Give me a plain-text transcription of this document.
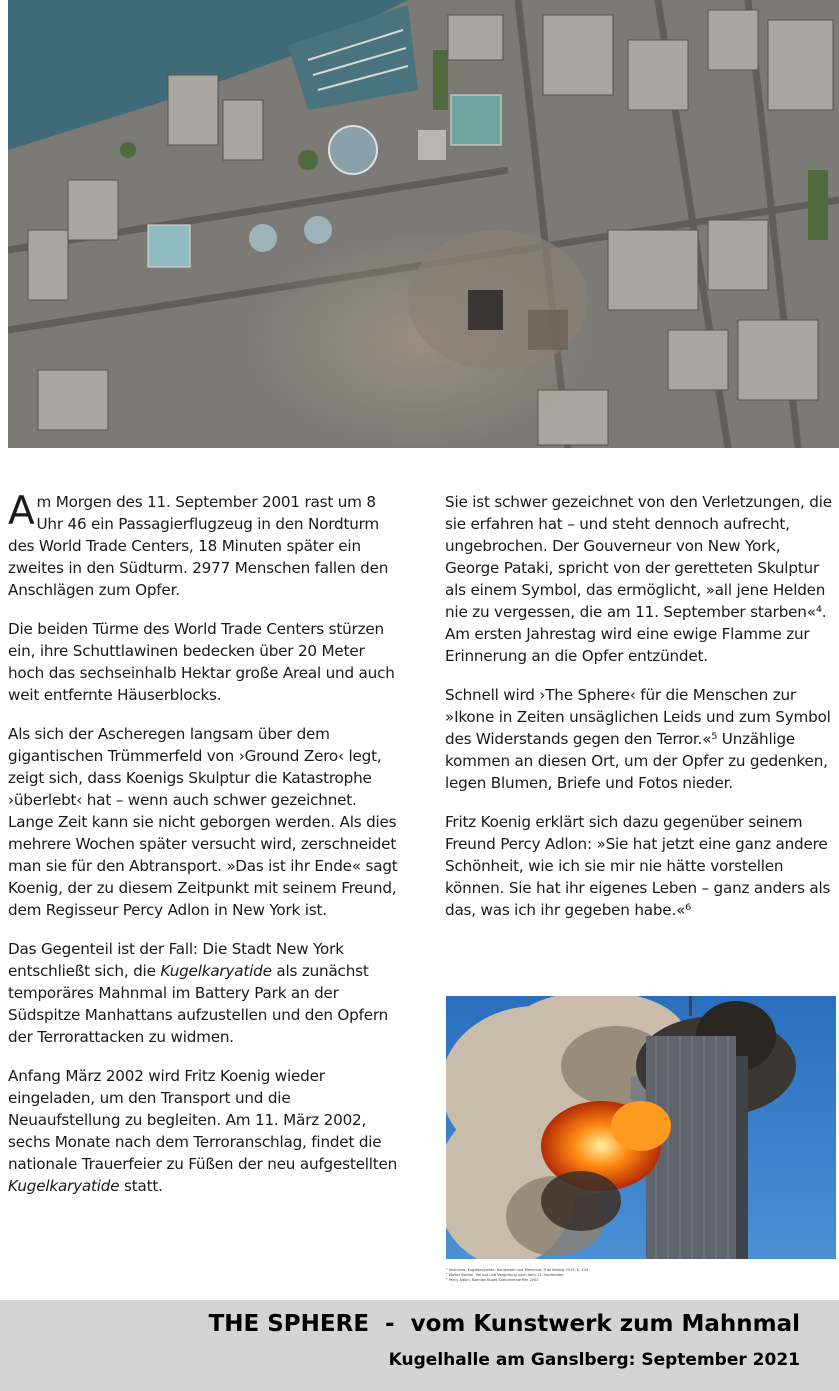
Am Morgen des 11. September 2001 rast um 8 Uhr 46 ein Passagierflugzeug in den Nordturm des World Trade Centers, 18 Minuten später ein zweites in den Südturm. 2977 Menschen fallen den Anschlägen zum Opfer.

Die beiden Türme des World Trade Centers stürzen ein, ihre Schuttlawinen bedecken über 20 Meter hoch das sechseinhalb Hektar große Areal und auch weit entfernte Häuserblocks.

Als sich der Ascheregen langsam über dem gigantischen Trümmerfeld von ›Ground Zero‹ legt, zeigt sich, dass Koenigs Skulptur die Katastrophe ›überlebt‹ hat – wenn auch schwer gezeichnet. Lange Zeit kann sie nicht geborgen werden. Als dies mehrere Wochen später versucht wird, zerschneidet man sie für den Abtransport. »Das ist ihr Ende« sagt Koenig, der zu diesem Zeitpunkt mit seinem Freund, dem Regisseur Percy Adlon in New York ist.

Das Gegenteil ist der Fall: Die Stadt New York entschließt sich, die Kugelkaryatide als zunächst temporäres Mahnmal im Battery Park an der Südspitze Manhattans aufzustellen und den Opfern der Terrorattacken zu widmen.

Anfang März 2002 wird Fritz Koenig wieder eingeladen, um den Transport und die Neuaufstellung zu begleiten. Am 11. März 2002, sechs Monate nach dem Terroranschlag, findet die nationale Trauerfeier zu Füßen der neu aufgestellten Kugelkaryatide statt.

Sie ist schwer gezeichnet von den Verletzungen, die sie erfahren hat – und steht dennoch aufrecht, ungebrochen. Der Gouverneur von New York, George Pataki, spricht von der geretteten Skulptur als einem Symbol, das ermöglicht, »all jene Helden nie zu vergessen, die am 11. September starben«⁴. Am ersten Jahrestag wird eine ewige Flamme zur Erinnerung an die Opfer entzündet.

Schnell wird ›The Sphere‹ für die Menschen zur »Ikone in Zeiten unsäglichen Leids und zum Symbol des Widerstands gegen den Terror.«⁵ Unzählige kommen an diesen Ort, um der Opfer zu gedenken, legen Blumen, Briefe und Fotos nieder.

Fritz Koenig erklärt sich dazu gegenüber seinem Freund Percy Adlon: »Sie hat jetzt eine ganz andere Schönheit, wie ich sie mir nie hätte vorstellen können. Sie hat ihr eigenes Leben – ganz anders als das, was ich ihr gegeben habe.«⁶

⁴ Interview, Kugelkaryatide, Kunstwerk und Mahnmal; Fritz Koenig 2019, S. 134
⁵ Walter Barber, Verlust und Vergeltung nach dem 11. September
⁶ Percy Adlon, Koenigs Kugel, Dokumentarfilm 2002
THE SPHERE  -  vom Kunstwerk zum Mahnmal
Kugelhalle am Ganslberg: September 2021
